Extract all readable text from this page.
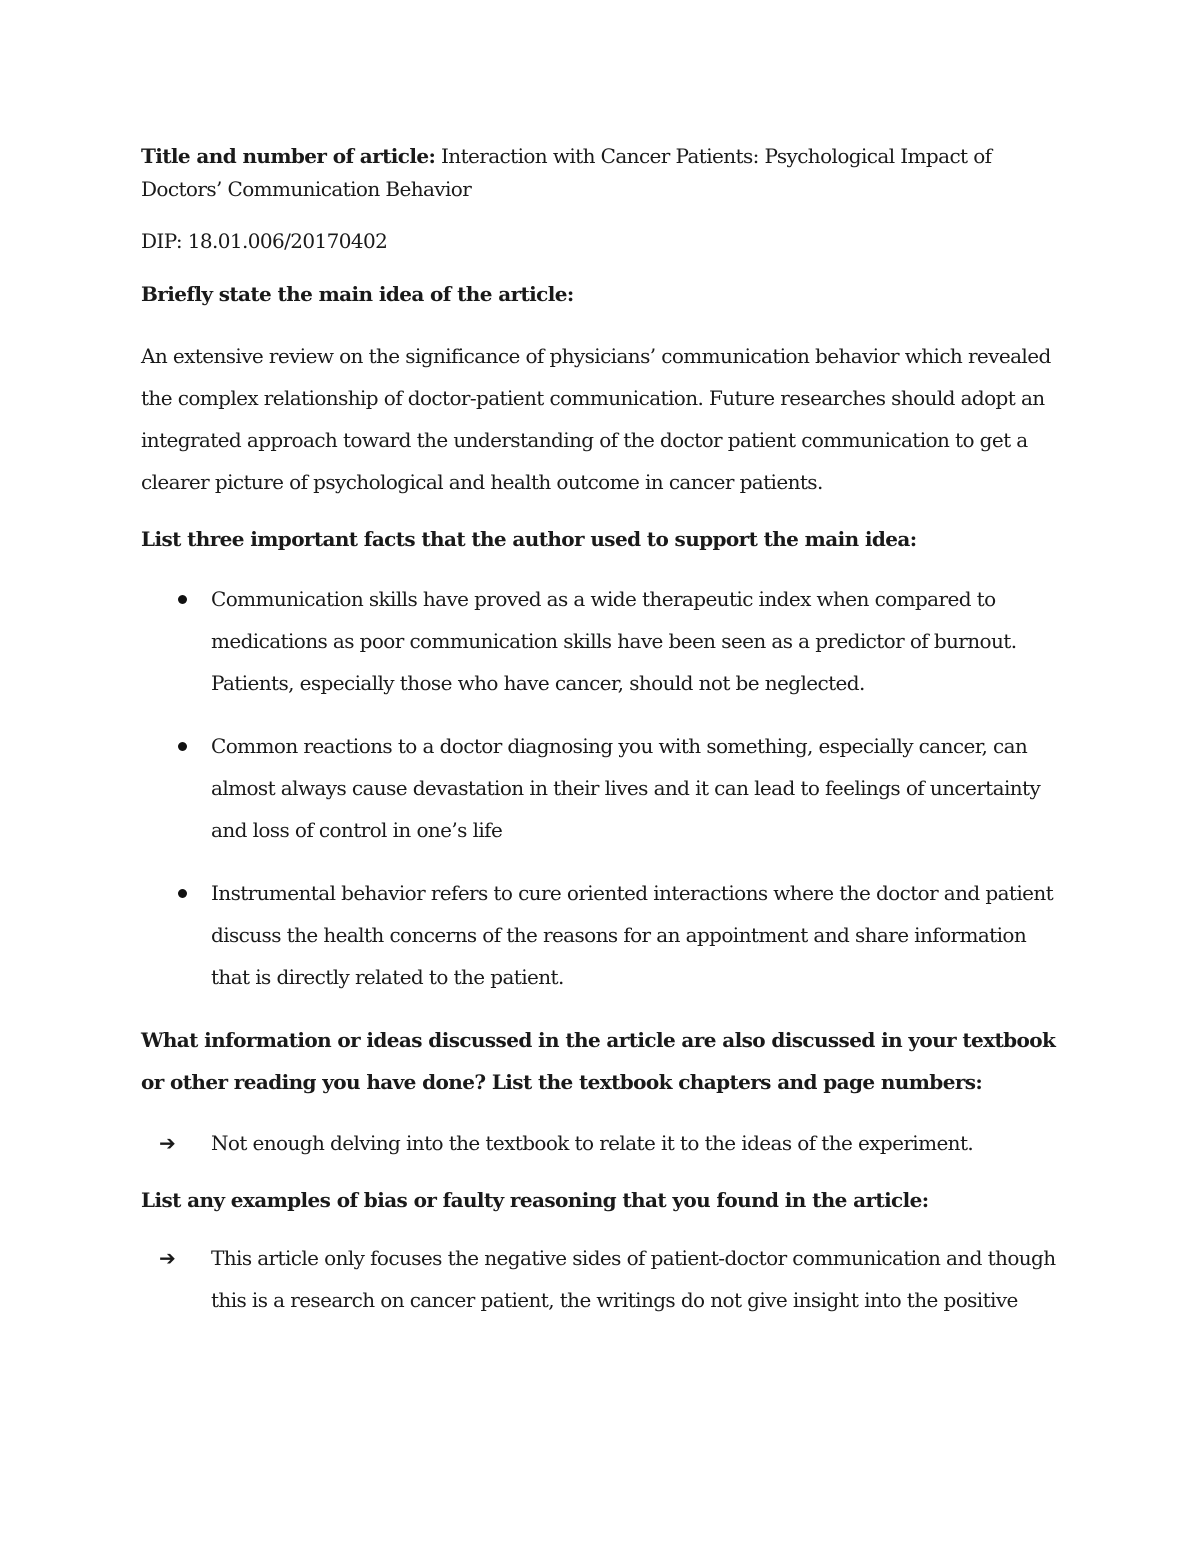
Title and number of article: Interaction with Cancer Patients: Psychological Impact of Doctors’ Communication Behavior

DIP: 18.01.006/20170402
Briefly state the main idea of the article:
An extensive review on the significance of physicians’ communication behavior which revealed the complex relationship of doctor-patient communication. Future researches should adopt an integrated approach toward the understanding of the doctor patient communication to get a clearer picture of psychological and health outcome in cancer patients.
List three important facts that the author used to support the main idea:
Communication skills have proved as a wide therapeutic index when compared to medications as poor communication skills have been seen as a predictor of burnout. Patients, especially those who have cancer, should not be neglected.
Common reactions to a doctor diagnosing you with something, especially cancer, can almost always cause devastation in their lives and it can lead to feelings of uncertainty and loss of control in one’s life
Instrumental behavior refers to cure oriented interactions where the doctor and patient discuss the health concerns of the reasons for an appointment and share information that is directly related to the patient.
What information or ideas discussed in the article are also discussed in your textbook or other reading you have done? List the textbook chapters and page numbers:
➔ Not enough delving into the textbook to relate it to the ideas of the experiment.
List any examples of bias or faulty reasoning that you found in the article:
➔ This article only focuses the negative sides of patient-doctor communication and though this is a research on cancer patient, the writings do not give insight into the positive
